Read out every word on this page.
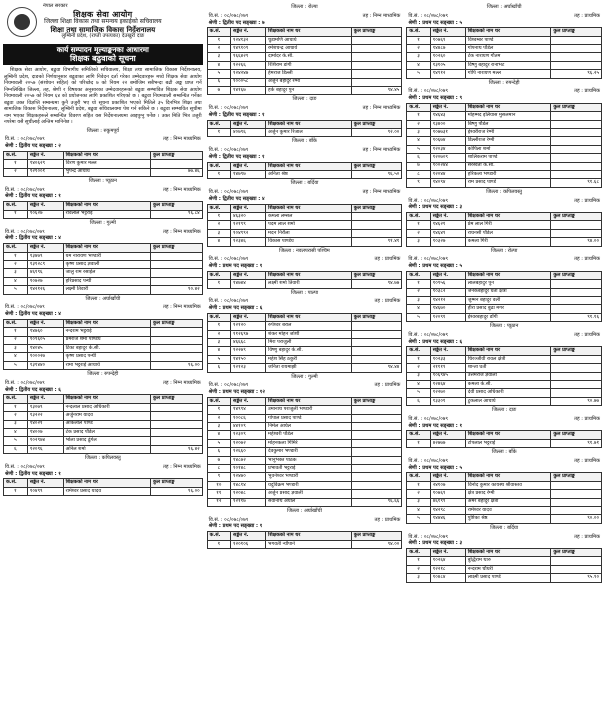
नेपाल सरकार
शिक्षक सेवा आयोग
जिल्ला शिक्षा विकास तथा समन्वय इकाईको सचिवालय
शिक्षा तथा सामाजिक विकास निर्देशनालय
लुम्बिनी प्रदेश, (राप्ती उपत्यका) देउखुरी दाङ
कार्य सम्पादन मूल्याङ्कनका आधारमा
शिक्षक बढुवाको सूचना

शिक्षक सेवा आयोग, बढुवा विभागीय समितिको सचिवालय, शिक्षा तथा सामाजिक विकास निर्देशनालय, लुम्बिनी प्रदेश, दाङको निर्णयानुसार बढुवाका लागि निवेदन दर्ता गरेका उम्मेदवारहरू मध्ये शिक्षक सेवा आयोग नियमावली २०५७ (संशोधन सहित) को परिच्छेद ७ को नियम २२ बमोजिम सबैभन्दा बढी अङ्क प्राप्त गर्ने निम्नलिखित जिल्ला, तह, श्रेणी र विषयका अनुसारका उम्मेदवारहरूको बढुवा सम्भावित शिक्षक सेवा आयोग नियमावली २०५७ को नियम ६४ को प्रयोजनका लागि प्रकाशित गरिएको छ । बढुवा नियमवाली सम्बन्धित गर्नेका बढुवा उक्त विज्ञप्ति सम्बन्धमा कुनै उजुरी भए यो सूचना प्रकाशित भएको मितिले ३५ दिनभित्र शिक्षा तथा सामाजिक विकास निर्देशनालय, लुम्बिनी प्रदेश, बढुवा सचिवालयमा पेश गर्न सकिने छ । बढुवा सम्भावित सूचीमा नाम भएका शिक्षकहरूले सम्बन्धित विवरण सहित यस निर्देशनालयमा आइपुग्नु पर्नेछ । उक्त मिति भित्र उजुरी नपरेमा यसै सूचीलाई अन्तिम मानिनेछ ।

जिल्ला : रुकुमपूर्व
वि.सं. : ०८/०७८/०७९	तह : निम्न माध्यमिक
श्रेणी : द्वितीय पद सङ्ख्या : २
क.सं.	सङ्केत नं.	शिक्षकको नाम थर	कुल प्राप्ताङ्क
१	१४०६२९	विरण कुमार मल्ल	
२	१२१००१	भुपेन्द्र आचार्य	७७.४६
जिल्ला : प्यूठान
वि.सं. : ०८/०७८/०७९	तह : निम्न माध्यमिक
श्रेणी : द्वितीय पद सङ्ख्या : १
क.सं.	सङ्केत नं.	शिक्षकको नाम थर	कुल प्राप्ताङ्क
१	१०६२७	रविलाल भट्टराई	९६.८४
जिल्ला : गुल्मी
वि.सं. : ०८/०७८/०७९	तह : निम्न माध्यमिक
श्रेणी : द्वितीय पद सङ्ख्या : ४
क.सं.	सङ्केत नं.	शिक्षकको नाम थर	कुल प्राप्ताङ्क
१	१३४७९	यम नारायण भण्डारी	
२	१३१२८९	कृष्ण प्रसाद ज्ञवाली	
३	४६१९६	जालु राम रसाईल	
४	१०७२७	हरिप्रसाद पन्थी	
५	१४२१२६	लक्ष्मी तिवारी	९०.४२
जिल्ला : अर्घाखाँची
वि.सं. : ०८/०७८/०७९	तह : निम्न माध्यमिक
श्रेणी : द्वितीय पद सङ्ख्या : ४
क.सं.	सङ्केत नं.	शिक्षकको नाम थर	कुल प्राप्ताङ्क
१	१४७६०	नन्दराम भट्टराई	
२	१०९६०५	प्रेमराज शर्मा पाण्डेय	
३	१४०४५	टिका बहादुर के.सी.	
४	१०००२७	कृष्ण प्रसाद पन्थी	
५	१३१४४०	रामा भट्टराई आचार्य	९६.००
जिल्ला : रुपन्देही
वि.सं. : ०८/०७८/०७९	तह : निम्न माध्यमिक
श्रेणी : द्वितीय पद सङ्ख्या : ६
क.सं.	सङ्केत नं.	शिक्षकको नाम थर	कुल प्राप्ताङ्क
१	१३०७९	नन्दलाल प्रसाद अधिकारी	
२	१३२२२	अर्जुनराम यादव	
३	१४०२१	आकलाल पाण्डे	
४	१४००७	टेक प्रसाद पौडेल	
५	१०२९७४	भोला प्रसाद ढुंगेल	
६	१२०९६	अनिल शर्मा	९६.४२
जिल्ला : कपिलवस्तु
वि.सं. : ०८/०७८/०७९	तह : निम्न माध्यमिक
श्रेणी : द्वितीय पद सङ्ख्या : १
क.सं.	सङ्केत नं.	शिक्षकको नाम थर	कुल प्राप्ताङ्क
१	१०४९९	रामेश्वर प्रसाद यादव	९६.००
जिल्ला : रोल्पा
वि.सं. : ०८/०७८/०७९	तह : निम्न माध्यमिक
श्रेणी : द्वितीय पद सङ्ख्या : ७
क.सं.	सङ्केत नं.	शिक्षकको नाम थर	कुल प्राप्ताङ्क
१	१२४१३२	चुडामणि आचार्य	
२	१४९१०९	रमेशचन्द्र आचार्य	
३	१६६४२९	दामोदर के.सी.	
४	१२२६६	रिशिराम डांगी	
५	१२४२४७	हेमराज डिल्ली	
६	१०००५८	अर्जुन बहादुर रेग्मी	
७	१४१६७	हर्क बहादुर पुन	९४.४५
जिल्ला : दाङ
वि.सं. : ०८/०७८/०७९	तह : निम्न माध्यमिक
श्रेणी : द्वितीय पद सङ्ख्या : १
क.सं.	सङ्केत नं.	शिक्षकको नाम थर	कुल प्राप्ताङ्क
१	४०७९६	अर्जुन कुमार रिजाल	९२.००
जिल्ला : बाँके
वि.सं. : ०८/०७८/०७९	तह : निम्न माध्यमिक
श्रेणी : द्वितीय पद सङ्ख्या : १
क.सं.	सङ्केत नं.	शिक्षकको नाम थर	कुल प्राप्ताङ्क
१	१४७९७	अनिता श्रेष्ठ	९६.५०
जिल्ला : बर्दिया
वि.सं. : ०८/०७८/०७९	तह : निम्न माध्यमिक
श्रेणी : द्वितीय पद सङ्ख्या : ४
क.सं.	सङ्केत नं.	शिक्षकको नाम थर	कुल प्राप्ताङ्क
१	४६३२०	कमला लम्सल	
२	१२१९९	पदम लाल शर्मा	
३	१०४९९२	मदन निरौला	
४	१२३४६	विकास पाण्डेय	९१.४१
जिल्ला : नवलपरासी पश्चिम
वि.सं. : ०८/०७८/०७९	तह : प्राथमिक
श्रेणी : प्रथम पद सङ्ख्या : १
क.सं.	सङ्केत नं.	शिक्षकको नाम थर	कुल प्राप्ताङ्क
१	१४७४४	लक्ष्मी शर्मा तिवारी	९४.७७
जिल्ला : पाल्पा
वि.सं. : ०८/०७८/०७९	तह : प्राथमिक
श्रेणी : प्रथम पद सङ्ख्या : ६
क.सं.	सङ्केत नं.	शिक्षकको नाम थर	कुल प्राप्ताङ्क
१	१२१२०	रुपेश्वर बराल	
२	११२६९७	शंकर मोहन जोशी	
३	४६६६८	मिरा पराजुली	
४	१२२७९	विष्णु बहादुर के.सी.	
५	१४१५०	महेश सिंह ठकुरी	
६	१२१२३	जनिता रायमाझी	९४.४४
जिल्ला : गुल्मी
वि.सं. : ०८/०७८/०७९	तह : प्राथमिक
श्रेणी : प्रथम पद सङ्ख्या : १२
क.सं.	सङ्केत नं.	शिक्षकको नाम थर	कुल प्राप्ताङ्क
१	१४९९४	उमानाथ पराजुली भण्डारी	
२	१००८६	गोपाल प्रसाद पाण्डे	
३	४४१०९	निर्मल आर्यल	
४	१२३०९	महेश्वरी पौडेल	
५	१२०७२	मोहनकला गिमिरे	
६	१२६६०	देवकुमार भण्डारी	
७	१४८७२	भानुभक्त पाठक	
८	१०१४८	प्रभावती भट्टराई	
९	१२४७०	भुवनेश्वर भण्डारी	
१०	१४८१४	यदुविक्रम भण्डारी	
११	१२०४८	अर्जुन प्रसाद ज्ञवाली	
१२	१२११७	सेवानाथ अर्याल	९६.६६
जिल्ला : अर्घाखाँची
वि.सं. : ०८/०७८/०७९	तह : प्राथमिक
श्रेणी : प्रथम पद सङ्ख्या : १
क.सं.	सङ्केत नं.	शिक्षकको नाम थर	कुल प्राप्ताङ्क
१	१२०१०६	भगवती न्यौपाने	९४.००
जिल्ला : अर्घाखाँची
वि.सं. : ०८/०७८/०७९	तह : प्राथमिक
श्रेणी : प्रथम पद सङ्ख्या : ५
क.सं.	सङ्केत नं.	शिक्षकको नाम थर	कुल प्राप्ताङ्क
१	१०७६९	विश्वम्बर पाण्डे	
२	१४४८७	गोपनाथ पौडेल	
३	१०२६०	टेक नारायण गौतम	
४	१३१०५	विष्णु बहादुर रानाभट	
५	१४९१२	गोपि नारायण मल्ल	९६.२५
जिल्ला : रुपन्देही
वि.सं. : ०८/०७८/०७९	तह : प्राथमिक
श्रेणी : प्रथम पद सङ्ख्या : ९
क.सं.	सङ्केत नं.	शिक्षकको नाम थर	कुल प्राप्ताङ्क
१	१४६४३	मोहम्मद इलियास मुसलमान	
२	१३४००	बिष्णु पौडेल	
३	१०७७३१	ईश्वरीराज रेग्मी	
४	१०६७४	डिल्लीराज रेग्मी	
५	१२०३४	कोपिला शर्मा	
६	१२०७०९	शालिकराम पाण्डे	
७	१००२४४	सरस्वती के.सी.	
८	१२०४४	हरिकला भण्डारी	
९	१४०९४	राम प्रसाद पाण्डे	९१.६८
जिल्ला : कपिलवस्तु
वि.सं. : ०८/०७८/०७९	तह : प्राथमिक
श्रेणी : प्रथम पद सङ्ख्या : ३
क.सं.	सङ्केत नं.	शिक्षकको नाम थर	कुल प्राप्ताङ्क
१	१४६२१	प्रेम लाल गिरी	
२	१४६४९	राधनसी पौडेल	
३	१०३२७	कमला गिरी	९४.००
जिल्ला : रोल्पा
वि.सं. : ०८/०७८/०७९	तह : प्राथमिक
श्रेणी : प्रथम पद सङ्ख्या : ५
क.सं.	सङ्केत नं.	शिक्षकको नाम थर	कुल प्राप्ताङ्क
१	१०९५६	लालबहादुर पुन	
२	१०३८२	जनकबहादुर घर्ती क्षेत्री	
३	१४२१२	जुम्मन बहादुर वली	
४	१४६७०	हीरा प्रसाद बुढा मगर	
५	१२०९१	ईश्वरबहादुर डाँगी	९१.१६
जिल्ला : प्यूठान
वि.सं. : ०८/०७८/०७९	तह : प्राथमिक
श्रेणी : प्रथम पद सङ्ख्या : ६
क.सं.	सङ्केत नं.	शिक्षकको नाम थर	कुल प्राप्ताङ्क
१	१०२३३	चिरञ्जीवी रावल क्षेत्री	
२	२१११९	शान्ता घर्ती	
३	१०६९४५	उत्तमराज ज्ञवाली	
४	१२४६४	कमला के.सी.	
५	१२२७०	देवी प्रसाद अधिकारी	
६	१३३०१	टुकलाल आचार्य	९०.७७
जिल्ला : दाङ
वि.सं. : ०८/०७८/०७९	तह : प्राथमिक
श्रेणी : प्रथम पद सङ्ख्या : १
क.सं.	सङ्केत नं.	शिक्षकको नाम थर	कुल प्राप्ताङ्क
१	४२७७७	टोपलाल भट्टराई	९१.७१
जिल्ला : बाँके
वि.सं. : ०८/०७८/०७९	तह : प्राथमिक
श्रेणी : प्रथम पद सङ्ख्या : ५
क.सं.	सङ्केत नं.	शिक्षकको नाम थर	कुल प्राप्ताङ्क
१	२४१०७	विनोद कुमार कायस्थ श्रीवास्तव	
२	१०७६९	क्षेत्र प्रसाद रेग्मी	
३	४६१९९	अमर बहादुर क्षेत्री	
४	१४२९८	रामेश्वर यादव	
५	१४७४६	पुष्टिका श्रेष्ठ	९०.००
जिल्ला : बर्दिया
वि.सं. : ०८/०७८/०७९	तह : प्राथमिक
श्रेणी : प्रथम पद सङ्ख्या : ३
क.सं.	सङ्केत नं.	शिक्षकको नाम थर	कुल प्राप्ताङ्क
१	१०२६४	बुद्धिराम थारु	
२	१२२१८	नन्दराम चौधरी	
३	१०४८४	लाक्ष्मी प्रसाद पाण्डे	९५.९०
